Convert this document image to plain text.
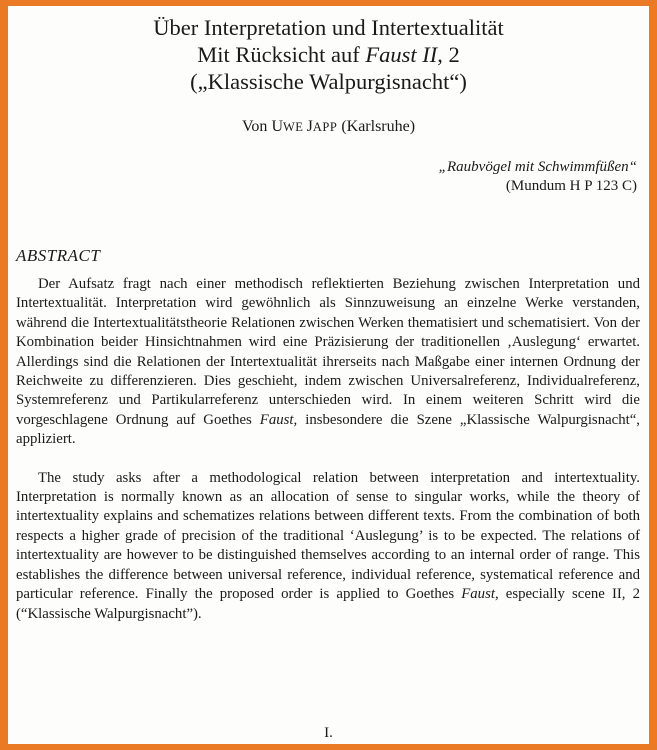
Über Interpretation und Intertextualität
Mit Rücksicht auf Faust II, 2
(„Klassische Walpurgisnacht“)
Von UWE  JAPP (Karlsruhe)
„Raubvögel mit Schwimmfüßen“
(Mundum H P 123 C)
ABSTRACT

Der Aufsatz fragt nach einer methodisch reflektierten Beziehung zwischen Interpretation und Intertextualität. Interpretation wird gewöhnlich als Sinnzuweisung an einzelne Werke verstanden, während die Intertextualitätstheorie Relationen zwischen Werken thematisiert und schematisiert. Von der Kombination beider Hinsichtnahmen wird eine Präzisierung der traditionellen ‚Auslegung‘ erwartet. Allerdings sind die Relationen der Intertextualität ihrerseits nach Maßgabe einer internen Ordnung der Reichweite zu differenzieren. Dies geschieht, indem zwischen Universalreferenz, Individualreferenz, Systemreferenz und Partikularreferenz unterschieden wird. In einem weiteren Schritt wird die vorgeschlagene Ordnung auf Goethes Faust, insbesondere die Szene „Klassische Walpurgisnacht“, appliziert.

The study asks after a methodological relation between interpretation and intertextuality. Interpretation is normally known as an allocation of sense to singular works, while the theory of intertextuality explains and schematizes relations between different texts. From the combination of both respects a higher grade of precision of the traditional ‘Auslegung’ is to be expected. The relations of intertextuality are however to be distinguished themselves according to an internal order of range. This establishes the difference between universal reference, individual reference, systematical reference and particular reference. Finally the proposed order is applied to Goethes Faust, especially scene II, 2 (“Klassische Walpurgisnacht”).

I.
